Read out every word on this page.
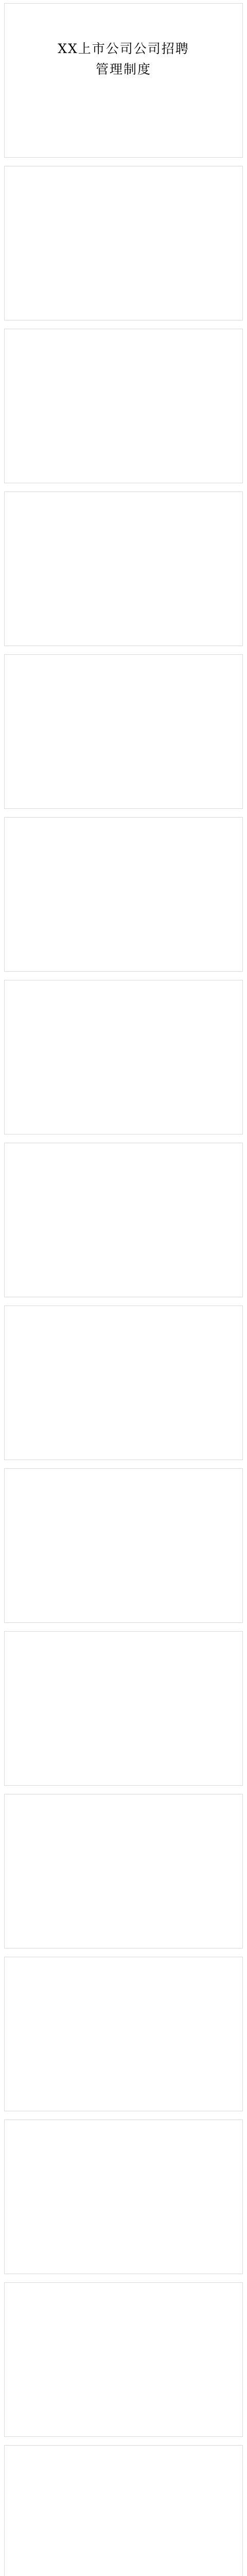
XX上市公司公司招聘
管理制度
